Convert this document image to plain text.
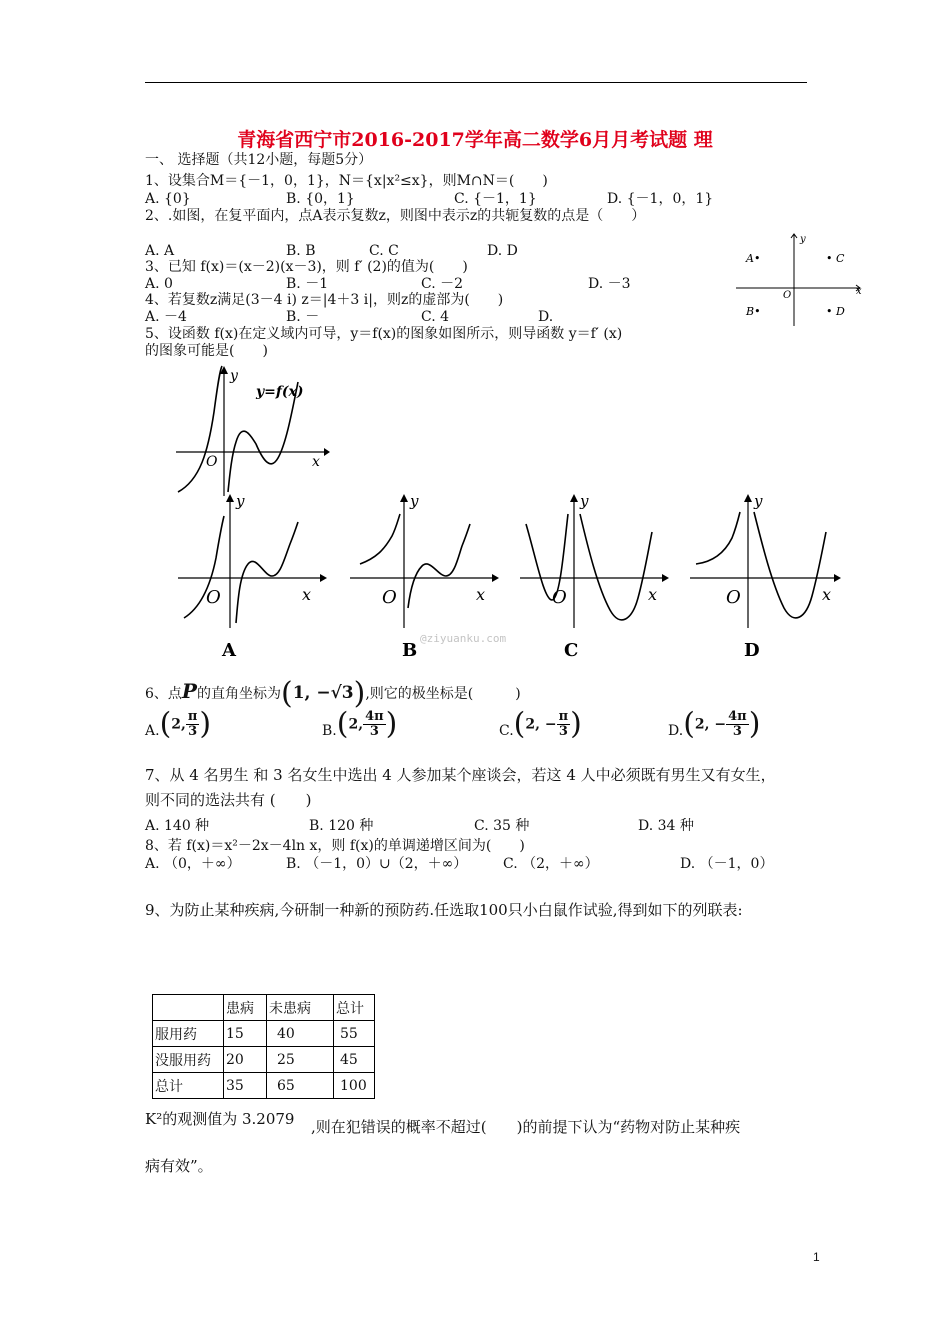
青海省西宁市2016-2017学年高二数学6月月考试题 理
一、 选择题（共12小题，每题5分）
1、设集合M＝{－1，0，1}，N＝{x|x²≤x}，则M∩N＝(　　)
A. {0}	B. {0，1}	C. {－1，1}	D. {－1，0，1}
2、.如图，在复平面内，点A表示复数z，则图中表示z的共轭复数的点是（　　）
A. A	B. B	C. C	D. D
x
y
O
A•	• C
B•	• D
3、已知 f(x)＝(x－2)(x－3)，则 f′ (2)的值为(　　)
A. 0	B. －1	C. －2	D. －3
4、若复数z满足(3－4 i) z＝|4＋3 i|，则z的虚部为(　　)
A. －4	B. －	C. 4	D.
5、设函数 f(x)在定义域内可导，y＝f(x)的图象如图所示，则导函数 y＝f′ (x)
的图象可能是(　　)
y
y=f(x)
O	x
y
O	x
A
y
O	x
B
y
O	x
C
y
O	x
D
@ziyuanku.com
6、点P的直角坐标为(1, −√3),则它的极坐标是(　　　)
A.(2, $\frac{\pi}{3}$ )	B.(2, $\frac{4\pi}{3}$ )	C.(2, − $\frac{\pi}{3}$ )	D.(2, − $\frac{4\pi}{3}$ )
7、从 4 名男生 和 3 名女生中选出 4 人参加某个座谈会，若这 4 人中必须既有男生又有女生，
则不同的选法共有 (　　)
A. 140 种	B. 120 种	C. 35 种	D. 34 种
8、若 f(x)＝x²－2x－4ln x，则 f(x)的单调递增区间为(　　)
A. （0，＋∞）	B. （－1，0）∪（2，＋∞）	C. （2，＋∞）	D. （－1，0）
9、为防止某种疾病,今研制一种新的预防药.任选取100只小白鼠作试验,得到如下的列联表:
	患病	未患病	总计
服用药	15	40	55
没服用药	20	25	45
总计	35	65	100
K²的观测值为 3.2079 ,则在犯错误的概率不超过(　　)的前提下认为“药物对防止某种疾
病有效”。
1
